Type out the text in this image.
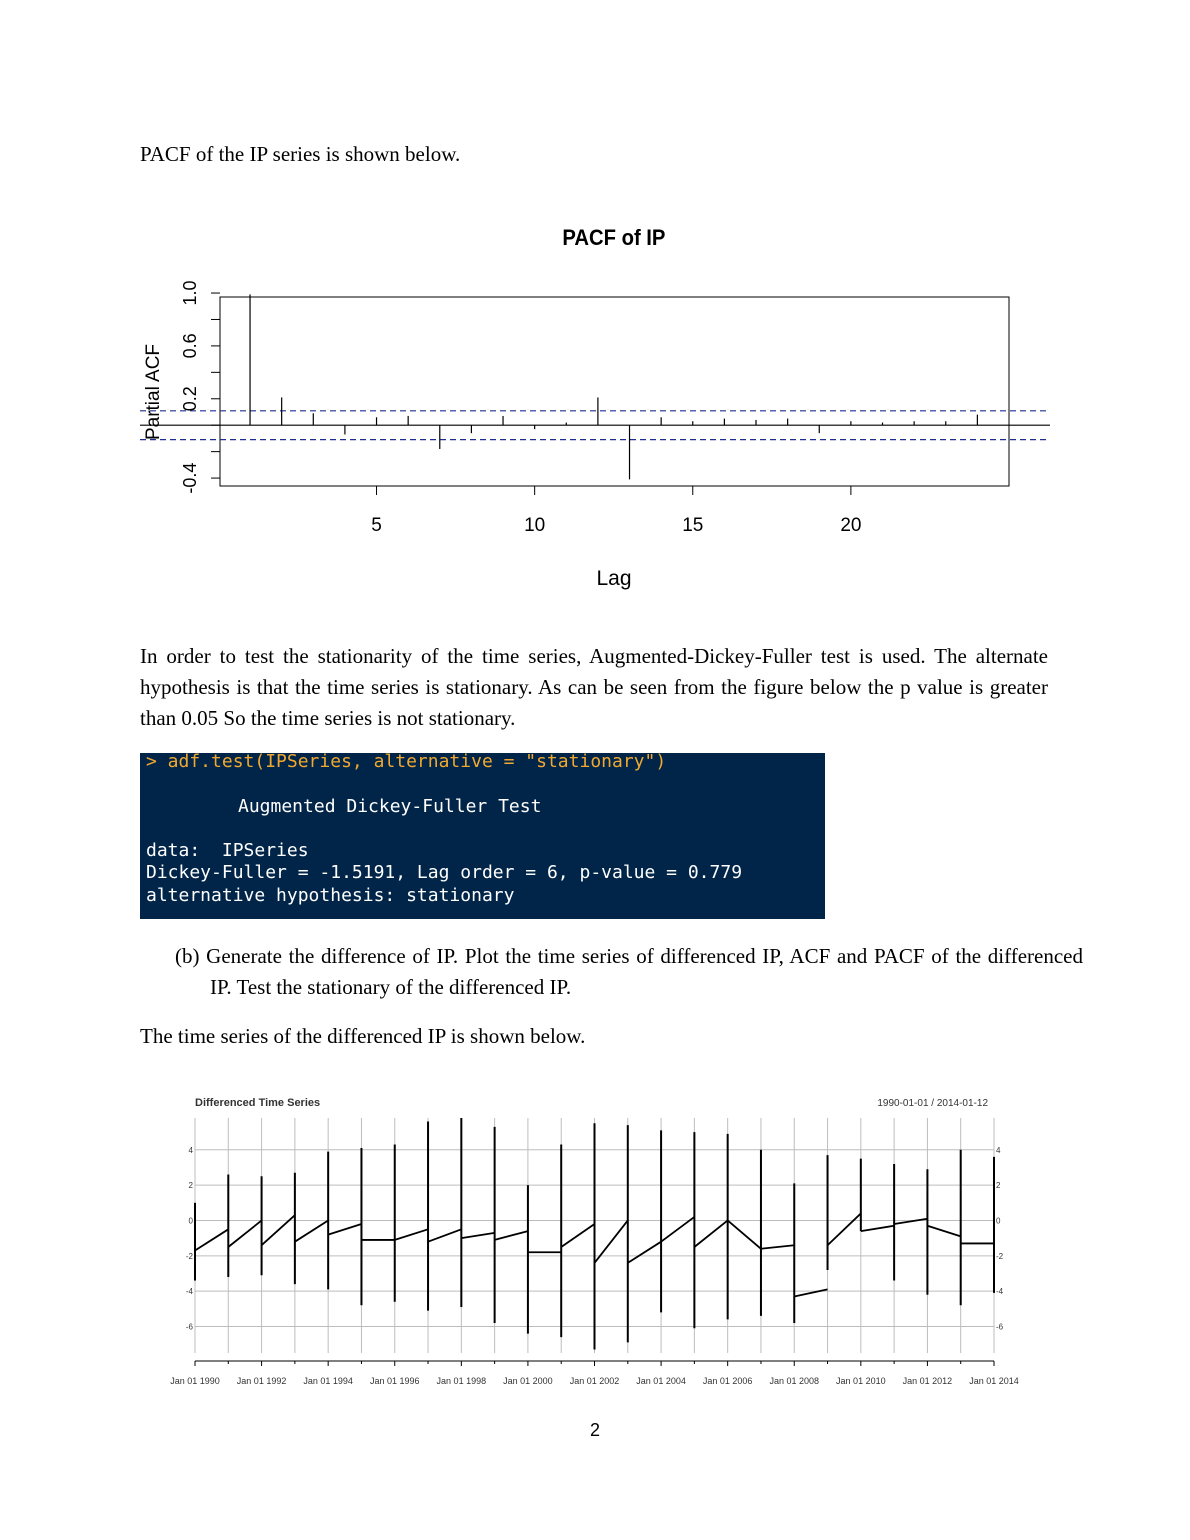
PACF of the IP series is shown below.

PACF of IP
5	10	15	20
-0.4
0.2
0.6
1.0
Partial ACF
Lag

In order to test the stationarity of the time series, Augmented-Dickey-Fuller test is used. The alternate hypothesis is that the time series is stationary. As can be seen from the figure below the p value is greater than 0.05 So the time series is not stationary.

> adf.test(IPSeries, alternative = "stationary")
Augmented Dickey-Fuller Test
data:  IPSeries
Dickey-Fuller = -1.5191, Lag order = 6, p-value = 0.779
alternative hypothesis: stationary

(b) Generate the difference of IP. Plot the time series of differenced IP, ACF and PACF of the differenced IP. Test the stationary of the differenced IP.

The time series of the differenced IP is shown below.

Differenced Time Series	1990-01-01 / 2014-01-12
4	4
2	2
0	0
-2	-2
-4	-4
-6	-6
Jan 01 1990 Jan 01 1992 Jan 01 1994 Jan 01 1996 Jan 01 1998 Jan 01 2000 Jan 01 2002 Jan 01 2004 Jan 01 2006 Jan 01 2008 Jan 01 2010 Jan 01 2012 Jan 01 2014
2
